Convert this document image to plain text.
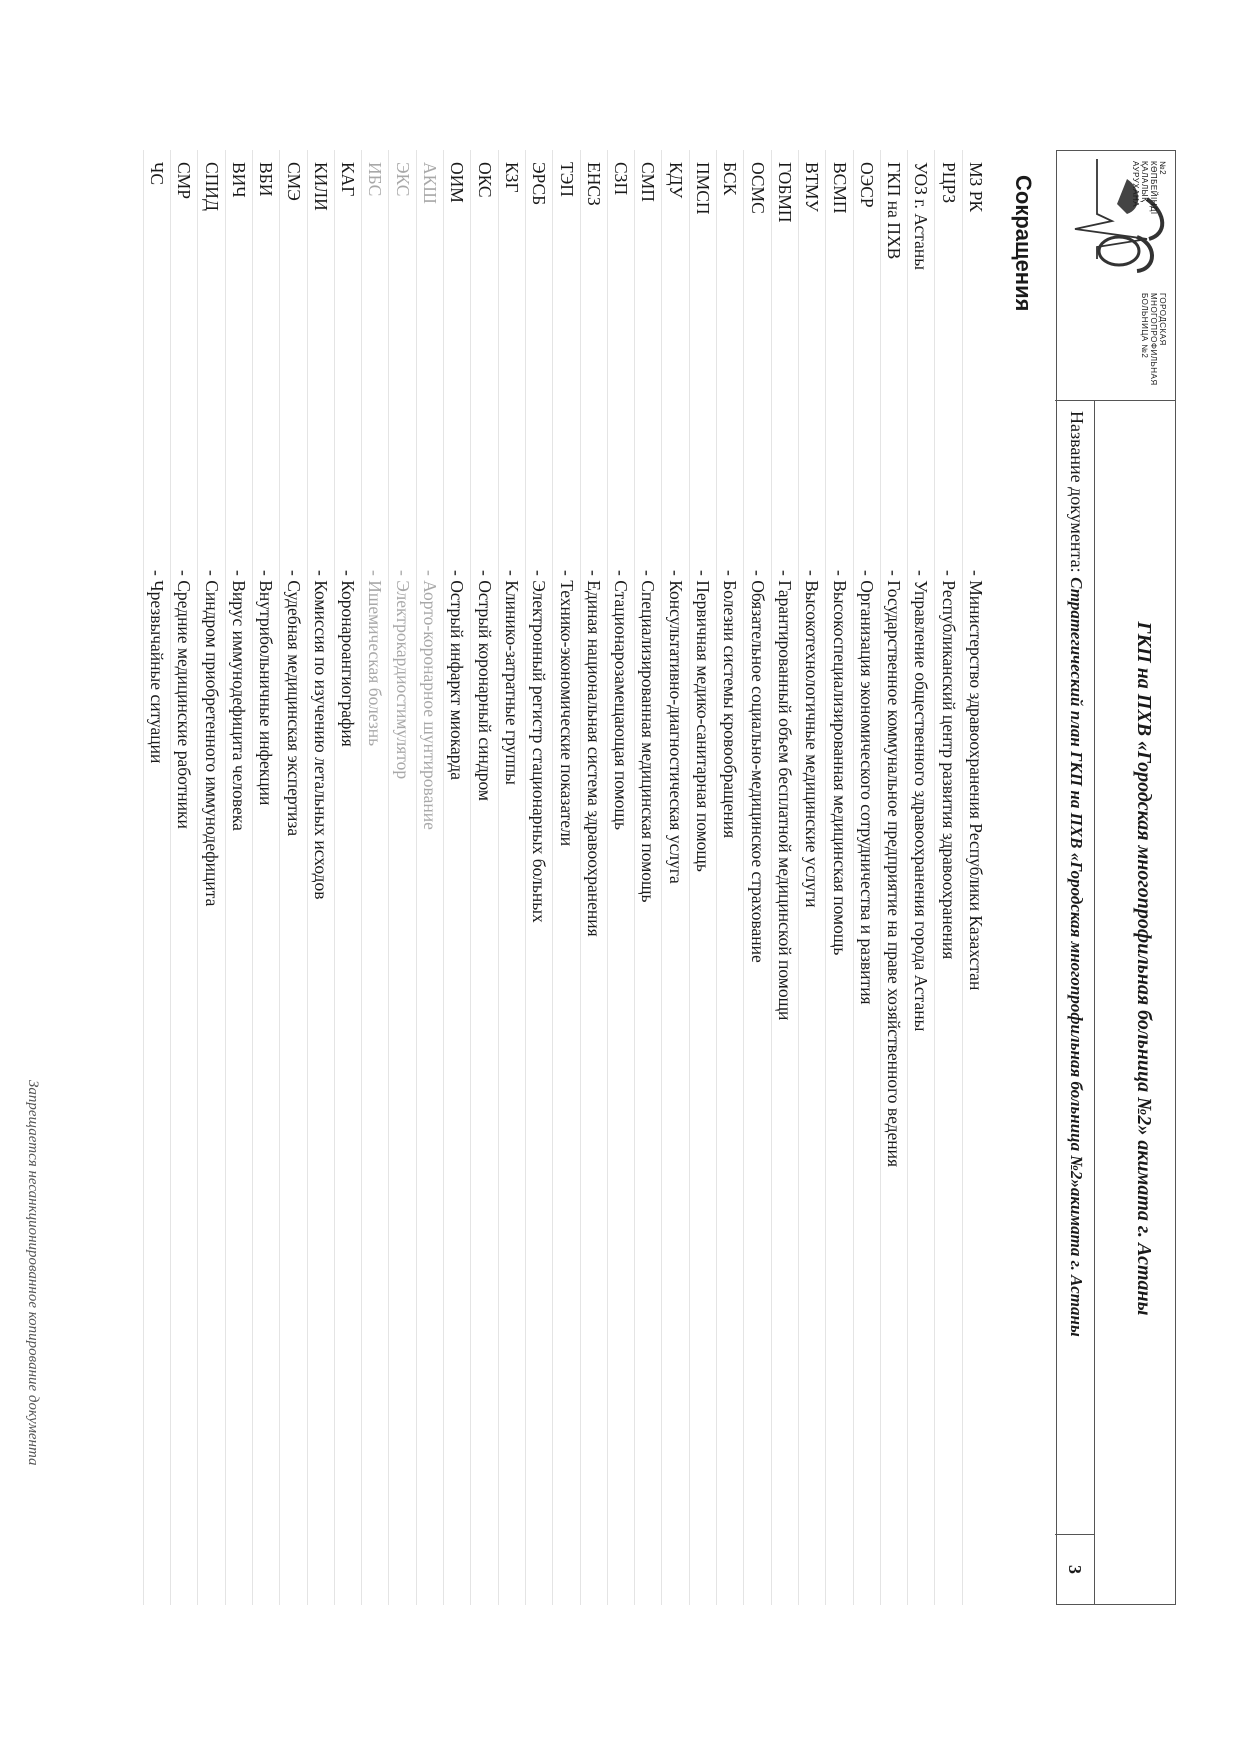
ГОРОДСКАЯ МНОГОПРОФИЛЬНАЯ БОЛЬНИЦА №2
№2 КӨПБЕЙІНДІ ҚАЛАЛЫҚ АУРУХАНА
ГКП на ПХВ «Городская многопрофильная больница №2» акимата г. Астаны
Название документа: Стратегический план ГКП на ПХВ «Городская многопрофильная больница №2»акимата г. Астаны
3
Сокращения
МЗ РК
- Министерство здравоохранения Республики Казахстан
РЦРЗ
- Республиканский центр развития здравоохранения
УОЗ г. Астаны
- Управление общественного здравоохранения города Астаны
ГКП на ПХВ
- Государственное коммунальное предприятие на праве хозяйственного ведения
ОЭСР
- Организация экономического сотрудничества и развития
ВСМП
- Высокоспециализированная медицинская помощь
ВТМУ
- Высокотехнологичные медицинские услуги
ГОБМП
- Гарантированный объем бесплатной медицинской помощи
ОСМС
- Обязательное социально-медицинское страхование
БСК
- Болезни системы кровообращения
ПМСП
- Первичная медико-санитарная помощь
КДУ
- Консультативно-диагностическая услуга
СМП
- Специализированная медицинская помощь
СЗП
- Стационарозамещающая помощь
ЕНСЗ
- Единая национальная система здравоохранения
ТЭП
- Технико-экономические показатели
ЭРСБ
- Электронный регистр стационарных больных
КЗГ
- Клинико-затратные группы
ОКС
- Острый коронарный синдром
ОИМ
- Острый инфаркт миокарда
АКШ
- Аорто-коронарное шунтирование
ЭКС
- Электрокардиостимулятор
ИБС
- Ишемическая болезнь
КАГ
- Коронароангиография
КИЛИ
- Комиссия по изучению летальных исходов
СМЭ
- Судебная медицинская экспертиза
ВБИ
- Внутрибольничные инфекции
ВИЧ
- Вирус иммунодефицита человека
СПИД
- Синдром приобретенного иммунодефицита
СМР
- Средние медицинские работники
ЧС
- Чрезвычайные ситуации
Запрещается несанкционированное копирование документа
